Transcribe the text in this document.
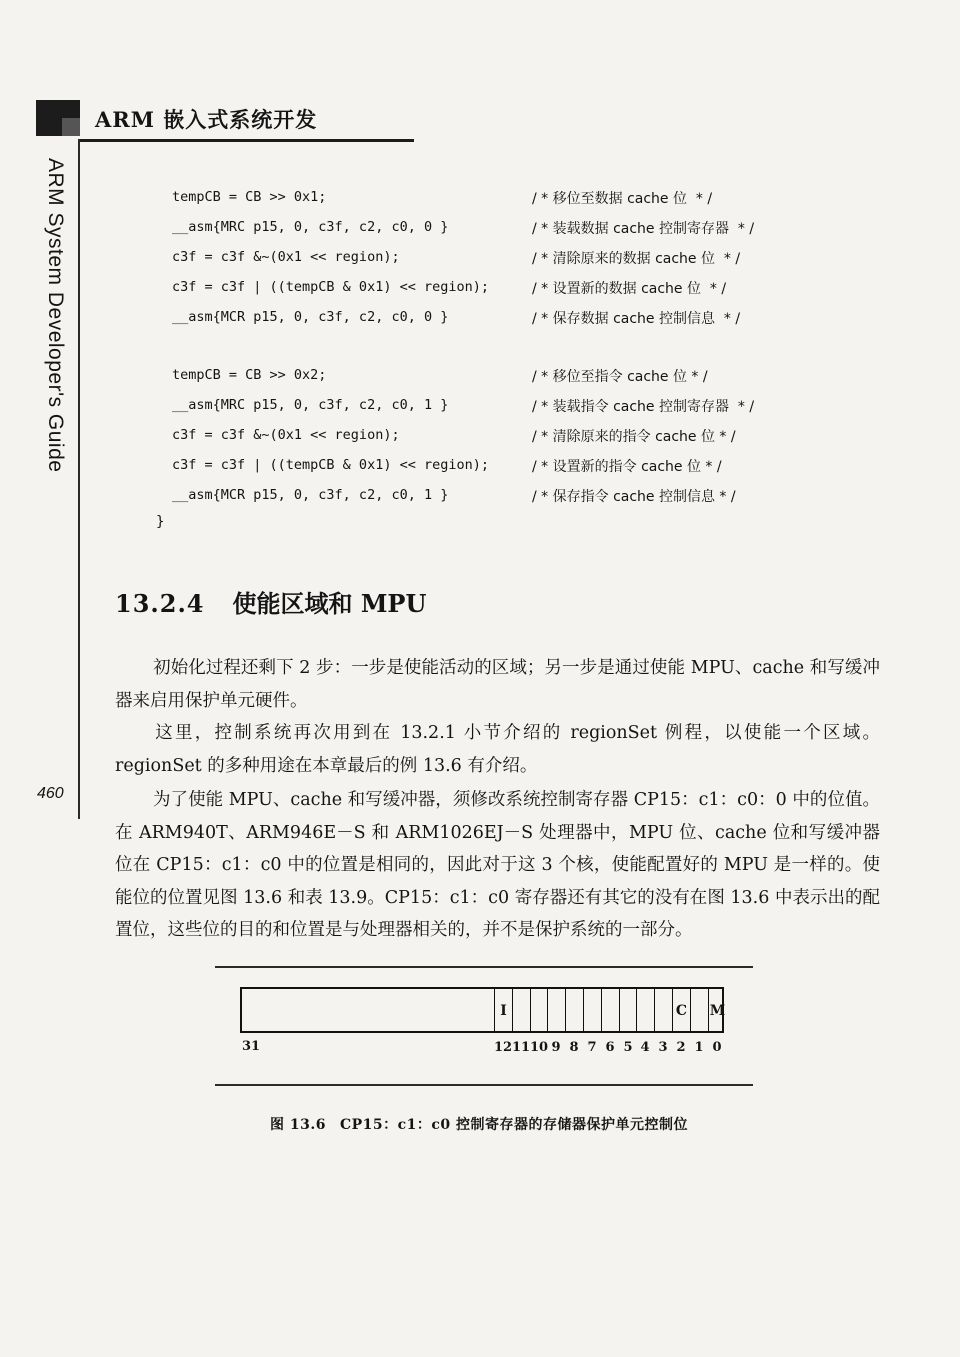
ARM 嵌入式系统开发
ARM System Developer's Guide
460
tempCB = CB >> 0x1;	/ * 移位至数据 cache 位  * /
__asm{MRC p15, 0, c3f, c2, c0, 0 }	/ * 装载数据 cache 控制寄存器  * /
c3f = c3f &~(0x1 << region);	/ * 清除原来的数据 cache 位  * /
c3f = c3f | ((tempCB & 0x1) << region);	/ * 设置新的数据 cache 位  * /
__asm{MCR p15, 0, c3f, c2, c0, 0 }	/ * 保存数据 cache 控制信息  * /
tempCB = CB >> 0x2;	/ * 移位至指令 cache 位 * /
__asm{MRC p15, 0, c3f, c2, c0, 1 }	/ * 装载指令 cache 控制寄存器  * /
c3f = c3f &~(0x1 << region);	/ * 清除原来的指令 cache 位 * /
c3f = c3f | ((tempCB & 0x1) << region);	/ * 设置新的指令 cache 位 * /
__asm{MCR p15, 0, c3f, c2, c0, 1 }	/ * 保存指令 cache 控制信息 * /
}
13.2.4 使能区域和 MPU
初始化过程还剩下 2 步：一步是使能活动的区域；另一步是通过使能 MPU、cache 和写缓冲器来启用保护单元硬件。
这里，控制系统再次用到在 13.2.1 小节介绍的 regionSet 例程，以使能一个区域。regionSet 的多种用途在本章最后的例 13.6 有介绍。
为了使能 MPU、cache 和写缓冲器，须修改系统控制寄存器 CP15：c1：c0：0 中的位值。在 ARM940T、ARM946E－S 和 ARM1026EJ－S 处理器中，MPU 位、cache 位和写缓冲器位在 CP15：c1：c0 中的位置是相同的，因此对于这 3 个核，使能配置好的 MPU 是一样的。使能位的位置见图 13.6 和表 13.9。CP15：c1：c0 寄存器还有其它的没有在图 13.6 中表示出的配置位，这些位的目的和位置是与处理器相关的，并不是保护系统的一部分。
I
12 11 10 9 8 7 6 5 4 3
C
2 1
M
0
31
图 13.6 CP15：c1：c0 控制寄存器的存储器保护单元控制位
